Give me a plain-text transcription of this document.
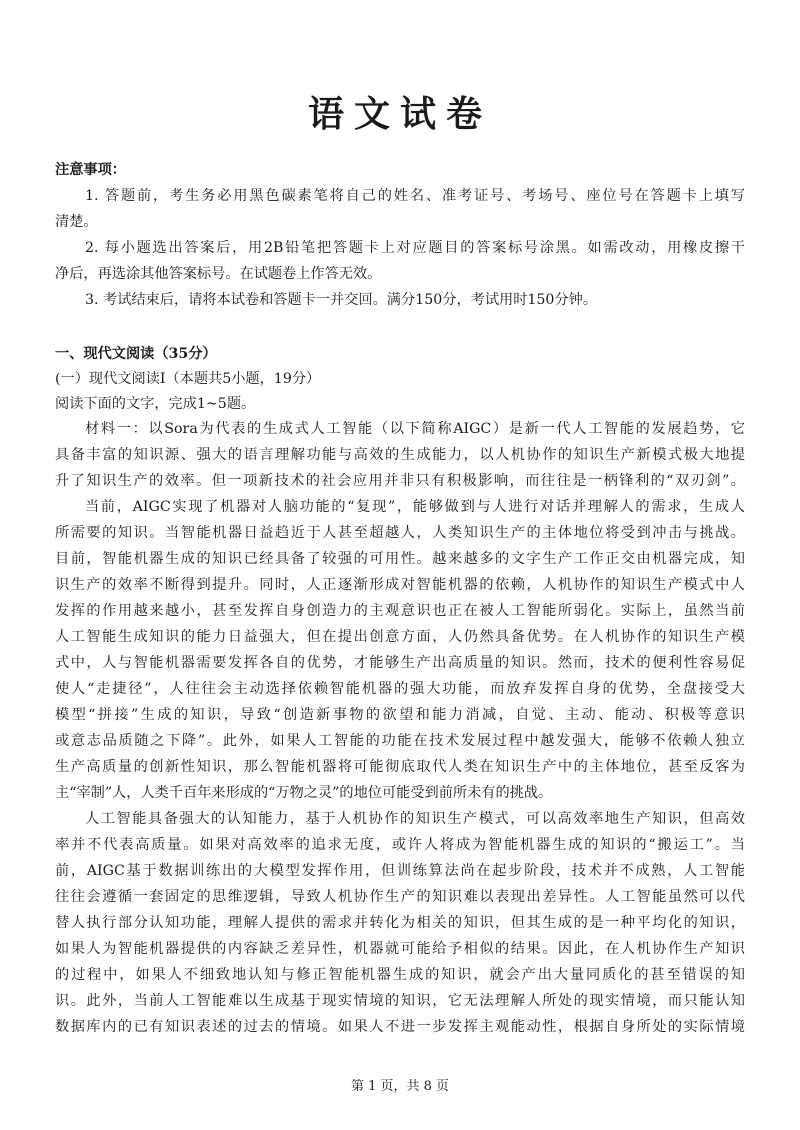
语文试卷
注意事项：
1. 答题前，考生务必用黑色碳素笔将自己的姓名、准考证号、考场号、座位号在答题卡上填写
清楚。
2. 每小题选出答案后，用2B铅笔把答题卡上对应题目的答案标号涂黑。如需改动，用橡皮擦干
净后，再选涂其他答案标号。在试题卷上作答无效。
3. 考试结束后，请将本试卷和答题卡一并交回。满分150分，考试用时150分钟。
一、现代文阅读（35分）
(一）现代文阅读Ⅰ（本题共5小题，19分）
阅读下面的文字，完成1~5题。
材料一：以Sora为代表的生成式人工智能（以下简称AIGC）是新一代人工智能的发展趋势，它
具备丰富的知识源、强大的语言理解功能与高效的生成能力，以人机协作的知识生产新模式极大地提
升了知识生产的效率。但一项新技术的社会应用并非只有积极影响，而往往是一柄锋利的“双刃剑”。
当前，AIGC实现了机器对人脑功能的“复现”，能够做到与人进行对话并理解人的需求，生成人
所需要的知识。当智能机器日益趋近于人甚至超越人，人类知识生产的主体地位将受到冲击与挑战。
目前，智能机器生成的知识已经具备了较强的可用性。越来越多的文字生产工作正交由机器完成，知
识生产的效率不断得到提升。同时，人正逐渐形成对智能机器的依赖，人机协作的知识生产模式中人
发挥的作用越来越小，甚至发挥自身创造力的主观意识也正在被人工智能所弱化。实际上，虽然当前
人工智能生成知识的能力日益强大，但在提出创意方面，人仍然具备优势。在人机协作的知识生产模
式中，人与智能机器需要发挥各自的优势，才能够生产出高质量的知识。然而，技术的便利性容易促
使人“走捷径”，人往往会主动选择依赖智能机器的强大功能，而放弃发挥自身的优势，全盘接受大
模型“拼接”生成的知识，导致“创造新事物的欲望和能力消减，自觉、主动、能动、积极等意识
或意志品质随之下降”。此外，如果人工智能的功能在技术发展过程中越发强大，能够不依赖人独立
生产高质量的创新性知识，那么智能机器将可能彻底取代人类在知识生产中的主体地位，甚至反客为
主“宰制”人，人类千百年来形成的“万物之灵”的地位可能受到前所未有的挑战。
人工智能具备强大的认知能力，基于人机协作的知识生产模式，可以高效率地生产知识，但高效
率并不代表高质量。如果对高效率的追求无度，或许人将成为智能机器生成的知识的“搬运工”。当
前，AIGC基于数据训练出的大模型发挥作用，但训练算法尚在起步阶段，技术并不成熟，人工智能
往往会遵循一套固定的思维逻辑，导致人机协作生产的知识难以表现出差异性。人工智能虽然可以代
替人执行部分认知功能，理解人提供的需求并转化为相关的知识，但其生成的是一种平均化的知识，
如果人为智能机器提供的内容缺乏差异性，机器就可能给予相似的结果。因此，在人机协作生产知识
的过程中，如果人不细致地认知与修正智能机器生成的知识，就会产出大量同质化的甚至错误的知
识。此外，当前人工智能难以生成基于现实情境的知识，它无法理解人所处的现实情境，而只能认知
数据库内的已有知识表述的过去的情境。如果人不进一步发挥主观能动性，根据自身所处的实际情境
第 1 页，共 8 页
